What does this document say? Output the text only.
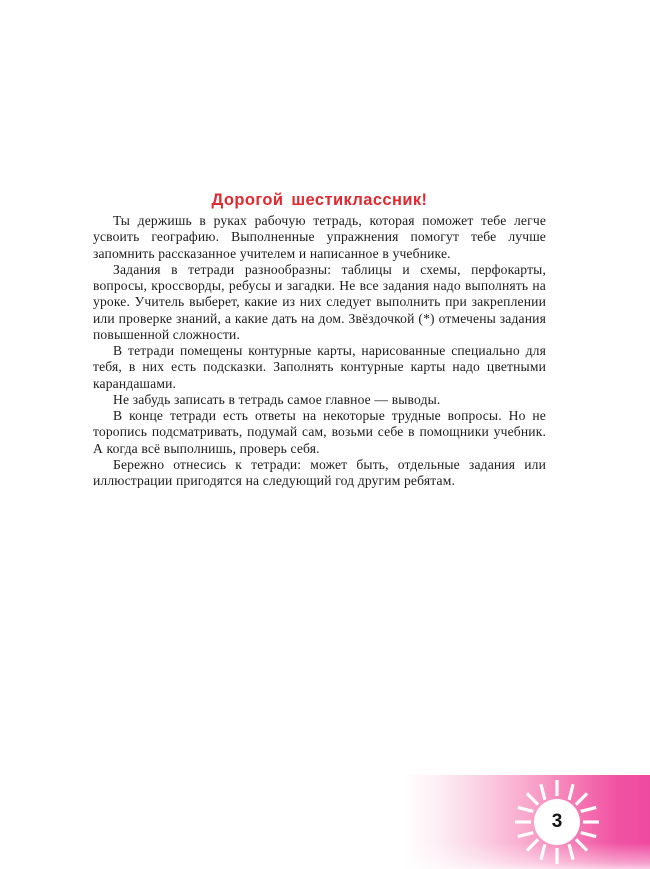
Дорогой шестиклассник!

Ты держишь в руках рабочую тетрадь, которая поможет тебе легче усвоить географию. Выполненные упражнения помогут тебе лучше запомнить рассказанное учителем и написанное в учебнике.

Задания в тетради разнообразны: таблицы и схемы, перфокарты, вопросы, кроссворды, ребусы и загадки. Не все задания надо выполнять на уроке. Учитель выберет, какие из них следует выполнить при закреплении или проверке знаний, а какие дать на дом. Звёздочкой (*) отмечены задания повышенной сложности.

В тетради помещены контурные карты, нарисованные специально для тебя, в них есть подсказки. Заполнять контурные карты надо цветными карандашами.

Не забудь записать в тетрадь самое главное — выводы.

В конце тетради есть ответы на некоторые трудные вопросы. Но не торопись подсматривать, подумай сам, возьми себе в помощники учебник. А когда всё выполнишь, проверь себя.

Бережно отнесись к тетради: может быть, отдельные задания или иллюстрации пригодятся на следующий год другим ребятам.

3
